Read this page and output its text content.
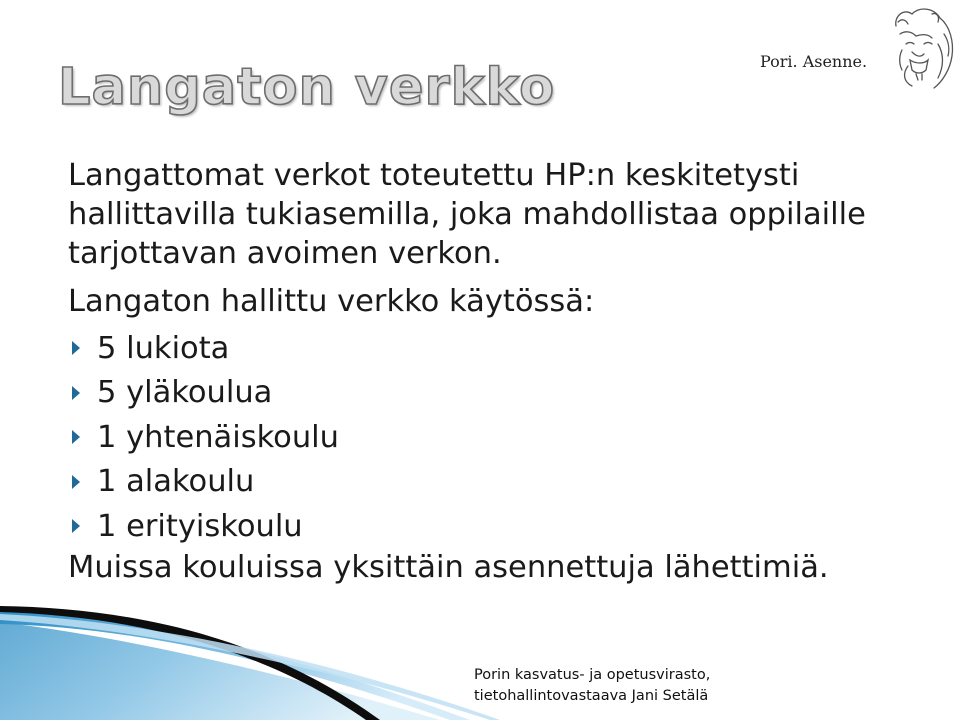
Langaton verkko	Pori. Asenne.

Langattomat verkot toteutettu HP:n keskitetysti hallittavilla tukiasemilla, joka mahdollistaa oppilaille tarjottavan avoimen verkon.

Langaton hallittu verkko käytössä:

5 lukiota
5 yläkoulua
1 yhtenäiskoulu
1 alakoulu
1 erityiskoulu

Muissa kouluissa yksittäin asennettuja lähettimiä.

Porin kasvatus- ja opetusvirasto,
tietohallintovastaava Jani Setälä
